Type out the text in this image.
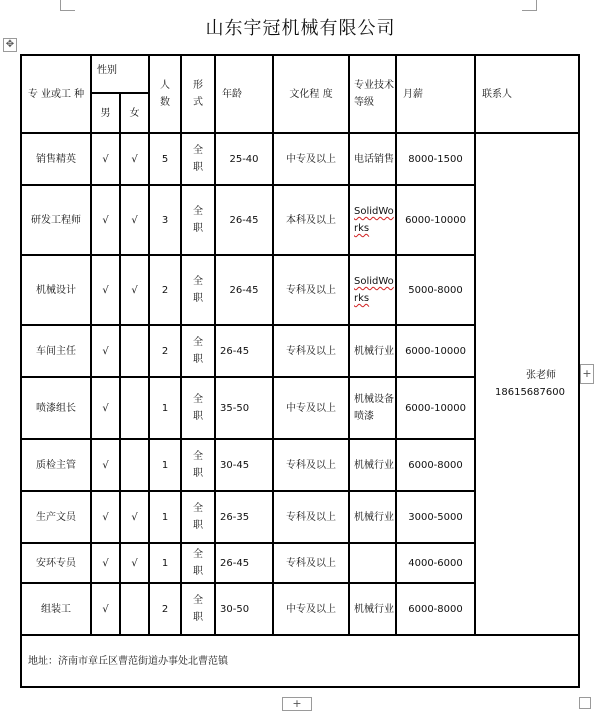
山东宇冠机械有限公司
✥
专 业或工 种	性别		人数	形式	年龄	文化程 度	专业技术等级	月薪	联系人
	男	女							
销售精英	√	√	5	全职	25-40	中专及以上	电话销售	8000-1500	张老师
18615687600

研发工程师	√	√	3	全职	26-45	本科及以上	SolidWorks	6000-10000	
机械设计	√	√	2	全职	26-45	专科及以上	SolidWorks	5000-8000	
车间主任	√		2	全职	26-45	专科及以上	机械行业	6000-10000	
喷漆组长	√		1	全职	35-50	中专及以上	机械设备喷漆	6000-10000	
质检主管	√		1	全职	30-45	专科及以上	机械行业	6000-8000	
生产文员	√	√	1	全职	26-35	专科及以上	机械行业	3000-5000	
安环专员	√	√	1	全职	26-45	专科及以上		4000-6000	
组装工	√		2	全职	30-50	中专及以上	机械行业	6000-8000	
地址：济南市章丘区曹范街道办事处北曹范镇									
+
+
